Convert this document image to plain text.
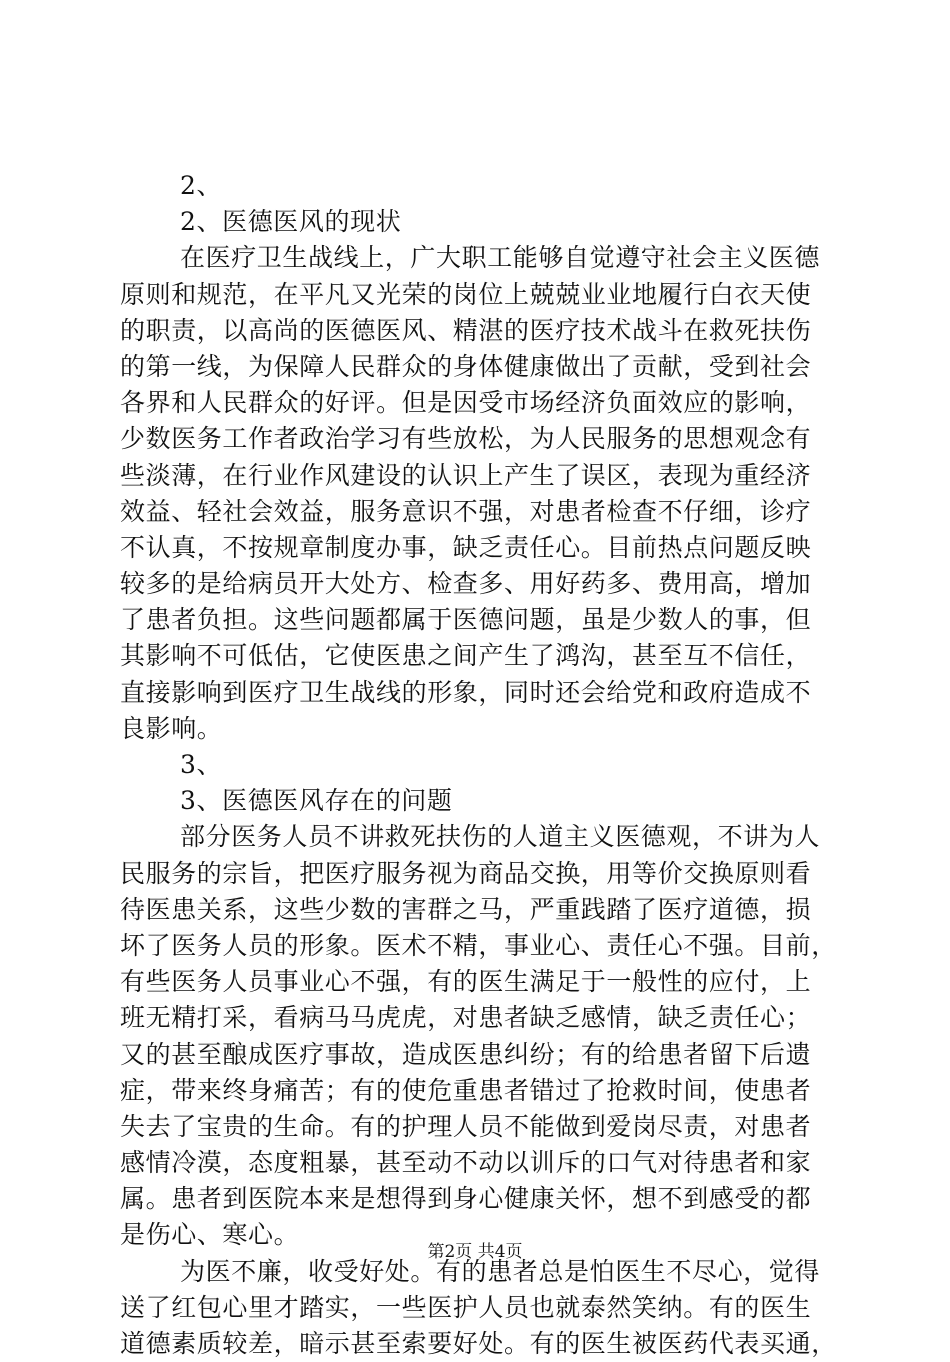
2、
2、医德医风的现状
在医疗卫生战线上，广大职工能够自觉遵守社会主义医德
原则和规范，在平凡又光荣的岗位上兢兢业业地履行白衣天使
的职责，以高尚的医德医风、精湛的医疗技术战斗在救死扶伤
的第一线，为保障人民群众的身体健康做出了贡献，受到社会
各界和人民群众的好评。但是因受市场经济负面效应的影响，
少数医务工作者政治学习有些放松，为人民服务的思想观念有
些淡薄，在行业作风建设的认识上产生了误区，表现为重经济
效益、轻社会效益，服务意识不强，对患者检查不仔细，诊疗
不认真，不按规章制度办事，缺乏责任心。目前热点问题反映
较多的是给病员开大处方、检查多、用好药多、费用高，增加
了患者负担。这些问题都属于医德问题，虽是少数人的事，但
其影响不可低估，它使医患之间产生了鸿沟，甚至互不信任，
直接影响到医疗卫生战线的形象，同时还会给党和政府造成不
良影响。
3、
3、医德医风存在的问题
部分医务人员不讲救死扶伤的人道主义医德观，不讲为人
民服务的宗旨，把医疗服务视为商品交换，用等价交换原则看
待医患关系，这些少数的害群之马，严重践踏了医疗道德，损
坏了医务人员的形象。医术不精，事业心、责任心不强。目前，
有些医务人员事业心不强，有的医生满足于一般性的应付，上
班无精打采，看病马马虎虎，对患者缺乏感情，缺乏责任心；
又的甚至酿成医疗事故，造成医患纠纷；有的给患者留下后遗
症，带来终身痛苦；有的使危重患者错过了抢救时间，使患者
失去了宝贵的生命。有的护理人员不能做到爱岗尽责，对患者
感情冷漠，态度粗暴，甚至动不动以训斥的口气对待患者和家
属。患者到医院本来是想得到身心健康关怀，想不到感受的都
是伤心、寒心。
为医不廉，收受好处。有的患者总是怕医生不尽心，觉得
送了红包心里才踏实，一些医护人员也就泰然笑纳。有的医生
道德素质较差，暗示甚至索要好处。有的医生被医药代表买通，
第2页 共4页
